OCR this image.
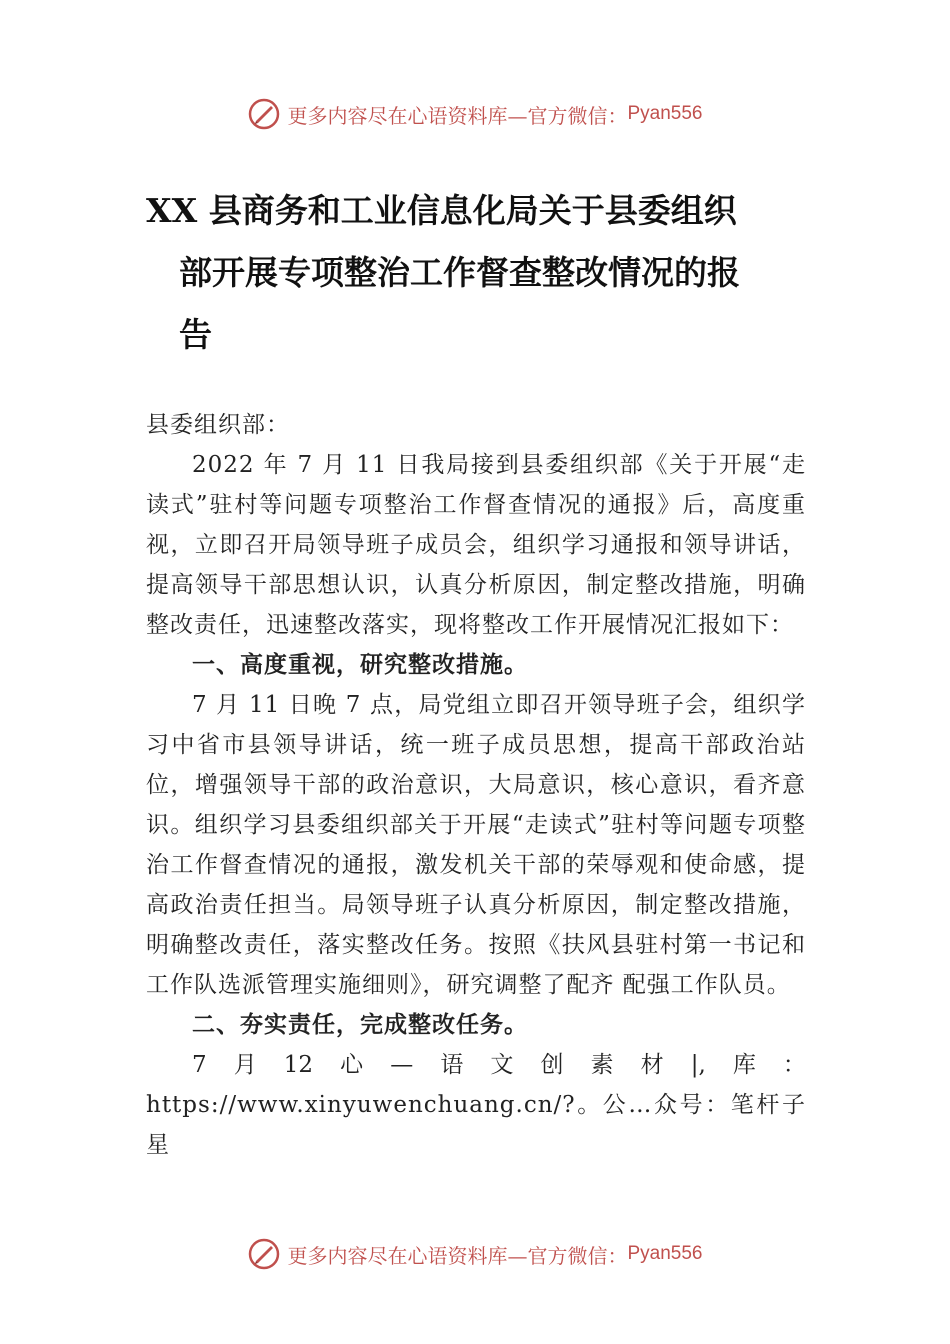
更多内容尽在心语资料库—官方微信： Pyan556
XX 县商务和工业信息化局关于县委组织
部开展专项整治工作督查整改情况的报
告

县委组织部：

2022 年 7 月 11 日我局接到县委组织部《关于开展“走读式”驻村等问题专项整治工作督查情况的通报》后，高度重视，立即召开局领导班子成员会，组织学习通报和领导讲话，提高领导干部思想认识，认真分析原因，制定整改措施，明确整改责任，迅速整改落实，现将整改工作开展情况汇报如下：

一、高度重视，研究整改措施。

7 月 11 日晚 7 点，局党组立即召开领导班子会，组织学习中省市县领导讲话，统一班子成员思想，提高干部政治站位，增强领导干部的政治意识，大局意识，核心意识，看齐意识。组织学习县委组织部关于开展“走读式”驻村等问题专项整治工作督查情况的通报，激发机关干部的荣辱观和使命感，提高政治责任担当。局领导班子认真分析原因，制定整改措施，明确整改责任，落实整改任务。按照《扶风县驻村第一书记和工作队选派管理实施细则》，研究调整了配齐 配强工作队员。

二、夯实责任，完成整改任务。

7 月 12 心 — 语 文 创 素 材 |, 库 ：

https://www.xinyuwenchuang.cn/?。公…众号：笔杆子星

更多内容尽在心语资料库—官方微信： Pyan556
